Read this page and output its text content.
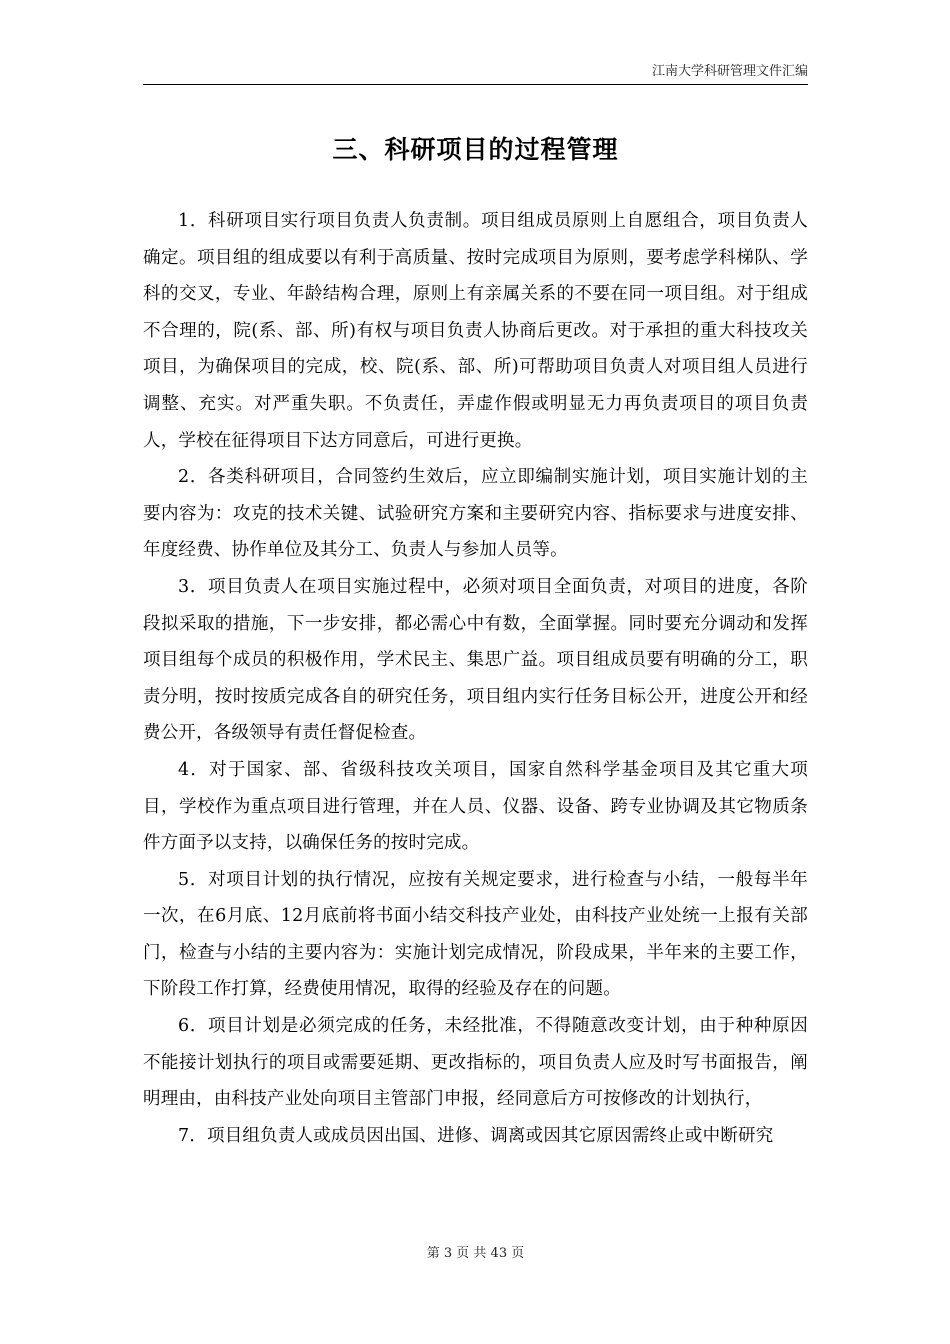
江南大学科研管理文件汇编
三、科研项目的过程管理

1．科研项目实行项目负责人负责制。项目组成员原则上自愿组合，项目负责人确定。项目组的组成要以有利于高质量、按时完成项目为原则，要考虑学科梯队、学科的交叉，专业、年龄结构合理，原则上有亲属关系的不要在同一项目组。对于组成不合理的，院(系、部、所)有权与项目负责人协商后更改。对于承担的重大科技攻关项目，为确保项目的完成，校、院(系、部、所)可帮助项目负责人对项目组人员进行调整、充实。对严重失职。不负责任，弄虚作假或明显无力再负责项目的项目负责人，学校在征得项目下达方同意后，可进行更换。

2．各类科研项目，合同签约生效后，应立即编制实施计划，项目实施计划的主要内容为：攻克的技术关键、试验研究方案和主要研究内容、指标要求与进度安排、年度经费、协作单位及其分工、负责人与参加人员等。

3．项目负责人在项目实施过程中，必须对项目全面负责，对项目的进度，各阶段拟采取的措施，下一步安排，都必需心中有数，全面掌握。同时要充分调动和发挥项目组每个成员的积极作用，学术民主、集思广益。项目组成员要有明确的分工，职责分明，按时按质完成各自的研究任务，项目组内实行任务目标公开，进度公开和经费公开，各级领导有责任督促检查。

4．对于国家、部、省级科技攻关项目，国家自然科学基金项目及其它重大项目，学校作为重点项目进行管理，并在人员、仪器、设备、跨专业协调及其它物质条件方面予以支持，以确保任务的按时完成。

5．对项目计划的执行情况，应按有关规定要求，进行检查与小结，一般每半年一次，在6月底、12月底前将书面小结交科技产业处，由科技产业处统一上报有关部门，检查与小结的主要内容为：实施计划完成情况，阶段成果，半年来的主要工作，下阶段工作打算，经费使用情况，取得的经验及存在的问题。

6．项目计划是必须完成的任务，未经批准，不得随意改变计划，由于种种原因不能接计划执行的项目或需要延期、更改指标的，项目负责人应及时写书面报告，阐明理由，由科技产业处向项目主管部门申报，经同意后方可按修改的计划执行，

7．项目组负责人或成员因出国、进修、调离或因其它原因需终止或中断研究

第 3 页 共 43 页
